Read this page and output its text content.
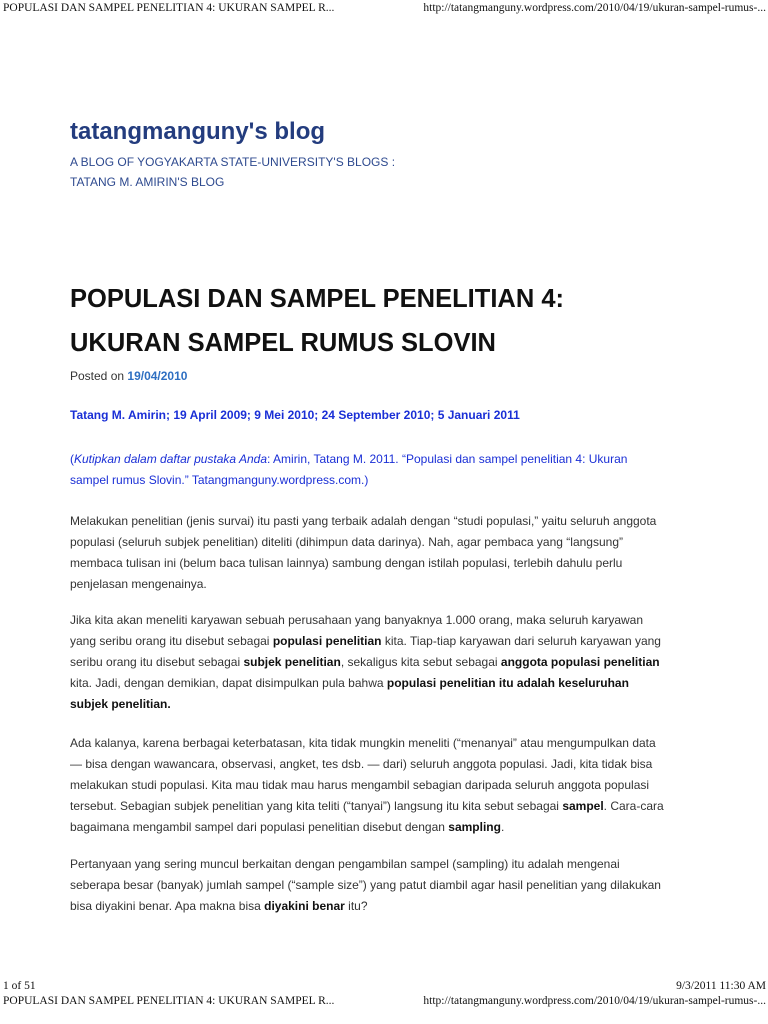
POPULASI DAN SAMPEL PENELITIAN 4: UKURAN SAMPEL R...	http://tatangmanguny.wordpress.com/2010/04/19/ukuran-sampel-rumus-...
tatangmanguny's blog
A BLOG OF YOGYAKARTA STATE-UNIVERSITY'S BLOGS :
TATANG M. AMIRIN'S BLOG
POPULASI DAN SAMPEL PENELITIAN 4:
UKURAN SAMPEL RUMUS SLOVIN
Posted on 19/04/2010
Tatang M. Amirin; 19 April 2009; 9 Mei 2010; 24 September 2010; 5 Januari 2011
(Kutipkan dalam daftar pustaka Anda: Amirin, Tatang M. 2011. “Populasi dan sampel penelitian 4: Ukuran
sampel rumus Slovin.” Tatangmanguny.wordpress.com.)
Melakukan penelitian (jenis survai) itu pasti yang terbaik adalah dengan “studi populasi,” yaitu seluruh anggota
populasi (seluruh subjek penelitian) diteliti (dihimpun data darinya). Nah, agar pembaca yang “langsung”
membaca tulisan ini (belum baca tulisan lainnya) sambung dengan istilah populasi, terlebih dahulu perlu
penjelasan mengenainya.
Jika kita akan meneliti karyawan sebuah perusahaan yang banyaknya 1.000 orang, maka seluruh karyawan
yang seribu orang itu disebut sebagai populasi penelitian kita. Tiap-tiap karyawan dari seluruh karyawan yang
seribu orang itu disebut sebagai subjek penelitian, sekaligus kita sebut sebagai anggota populasi penelitian
kita. Jadi, dengan demikian, dapat disimpulkan pula bahwa populasi penelitian itu adalah keseluruhan
subjek penelitian.
Ada kalanya, karena berbagai keterbatasan, kita tidak mungkin meneliti (“menanyai” atau mengumpulkan data
— bisa dengan wawancara, observasi, angket, tes dsb. — dari) seluruh anggota populasi. Jadi, kita tidak bisa
melakukan studi populasi. Kita mau tidak mau harus mengambil sebagian daripada seluruh anggota populasi
tersebut. Sebagian subjek penelitian yang kita teliti (“tanyai”) langsung itu kita sebut sebagai sampel. Cara-cara
bagaimana mengambil sampel dari populasi penelitian disebut dengan sampling.
Pertanyaan yang sering muncul berkaitan dengan pengambilan sampel (sampling) itu adalah mengenai
seberapa besar (banyak) jumlah sampel (“sample size”) yang patut diambil agar hasil penelitian yang dilakukan
bisa diyakini benar. Apa makna bisa diyakini benar itu?
1 of 51	9/3/2011 11:30 AM
POPULASI DAN SAMPEL PENELITIAN 4: UKURAN SAMPEL R...	http://tatangmanguny.wordpress.com/2010/04/19/ukuran-sampel-rumus-...
